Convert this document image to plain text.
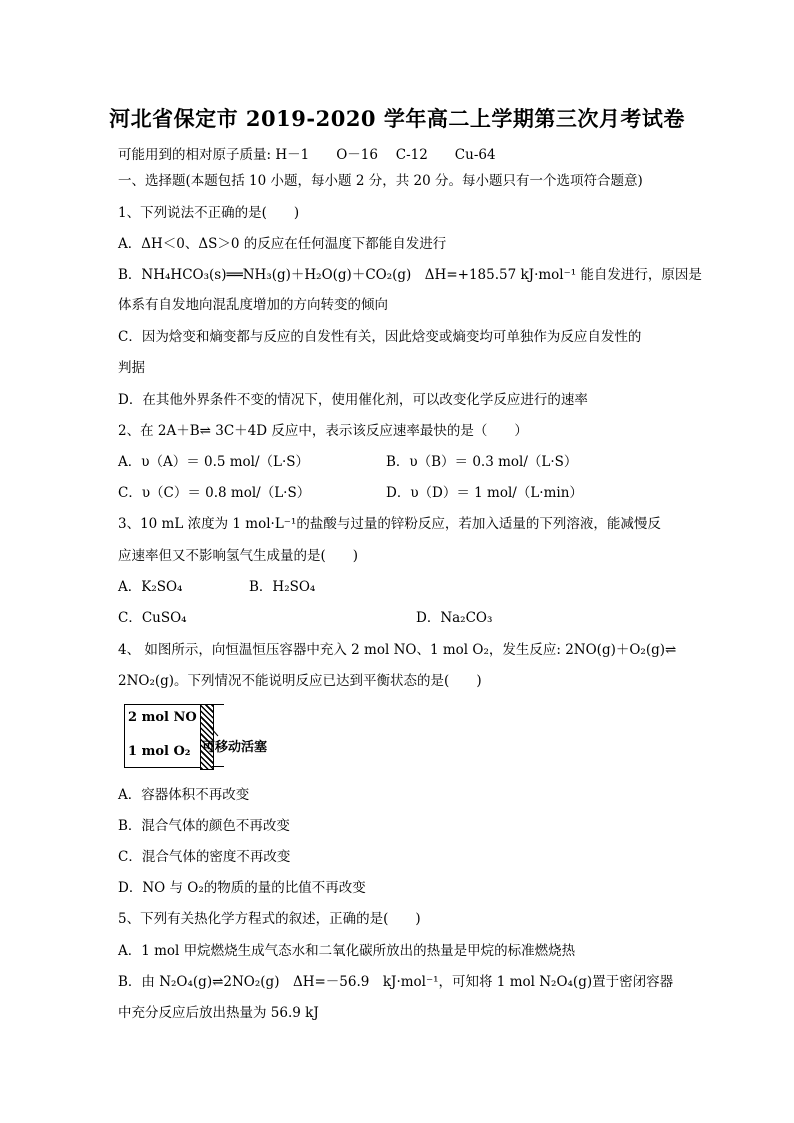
河北省保定市 2019-2020 学年高二上学期第三次月考试卷
可能用到的相对原子质量: H－1　　O－16　 C-12　　Cu-64
一、选择题(本题包括 10 小题，每小题 2 分，共 20 分。每小题只有一个选项符合题意)
1、下列说法不正确的是(　　)
A．ΔH＜0、ΔS＞0 的反应在任何温度下都能自发进行
B．NH₄HCO₃(s)══NH₃(g)＋H₂O(g)＋CO₂(g)　ΔH=+185.57 kJ·mol⁻¹ 能自发进行，原因是
体系有自发地向混乱度增加的方向转变的倾向
C．因为焓变和熵变都与反应的自发性有关，因此焓变或熵变均可单独作为反应自发性的
判据
D．在其他外界条件不变的情况下，使用催化剂，可以改变化学反应进行的速率
2、在 2A＋B⇌ 3C＋4D 反应中，表示该反应速率最快的是（　　）
A．υ（A）＝ 0.5 mol/（L·S）	B．υ（B）＝ 0.3 mol/（L·S）
C．υ（C）＝ 0.8 mol/（L·S）	D．υ（D）＝ 1 mol/（L·min）
3、10 mL 浓度为 1 mol·L⁻¹的盐酸与过量的锌粉反应，若加入适量的下列溶液，能减慢反
应速率但又不影响氢气生成量的是(　　)
A．K₂SO₄	B．H₂SO₄
C．CuSO₄	D．Na₂CO₃
4、 如图所示，向恒温恒压容器中充入 2 mol NO、1 mol O₂，发生反应: 2NO(g)＋O₂(g)⇌
2NO₂(g)。下列情况不能说明反应已达到平衡状态的是(　　)
2 mol NO
1 mol O₂ 可移动活塞
A．容器体积不再改变
B．混合气体的颜色不再改变
C．混合气体的密度不再改变
D．NO 与 O₂的物质的量的比值不再改变
5、下列有关热化学方程式的叙述，正确的是(　　)
A．1 mol 甲烷燃烧生成气态水和二氧化碳所放出的热量是甲烷的标准燃烧热
B．由 N₂O₄(g)⇌2NO₂(g)　ΔH=－56.9　kJ·mol⁻¹，可知将 1 mol N₂O₄(g)置于密闭容器
中充分反应后放出热量为 56.9 kJ
